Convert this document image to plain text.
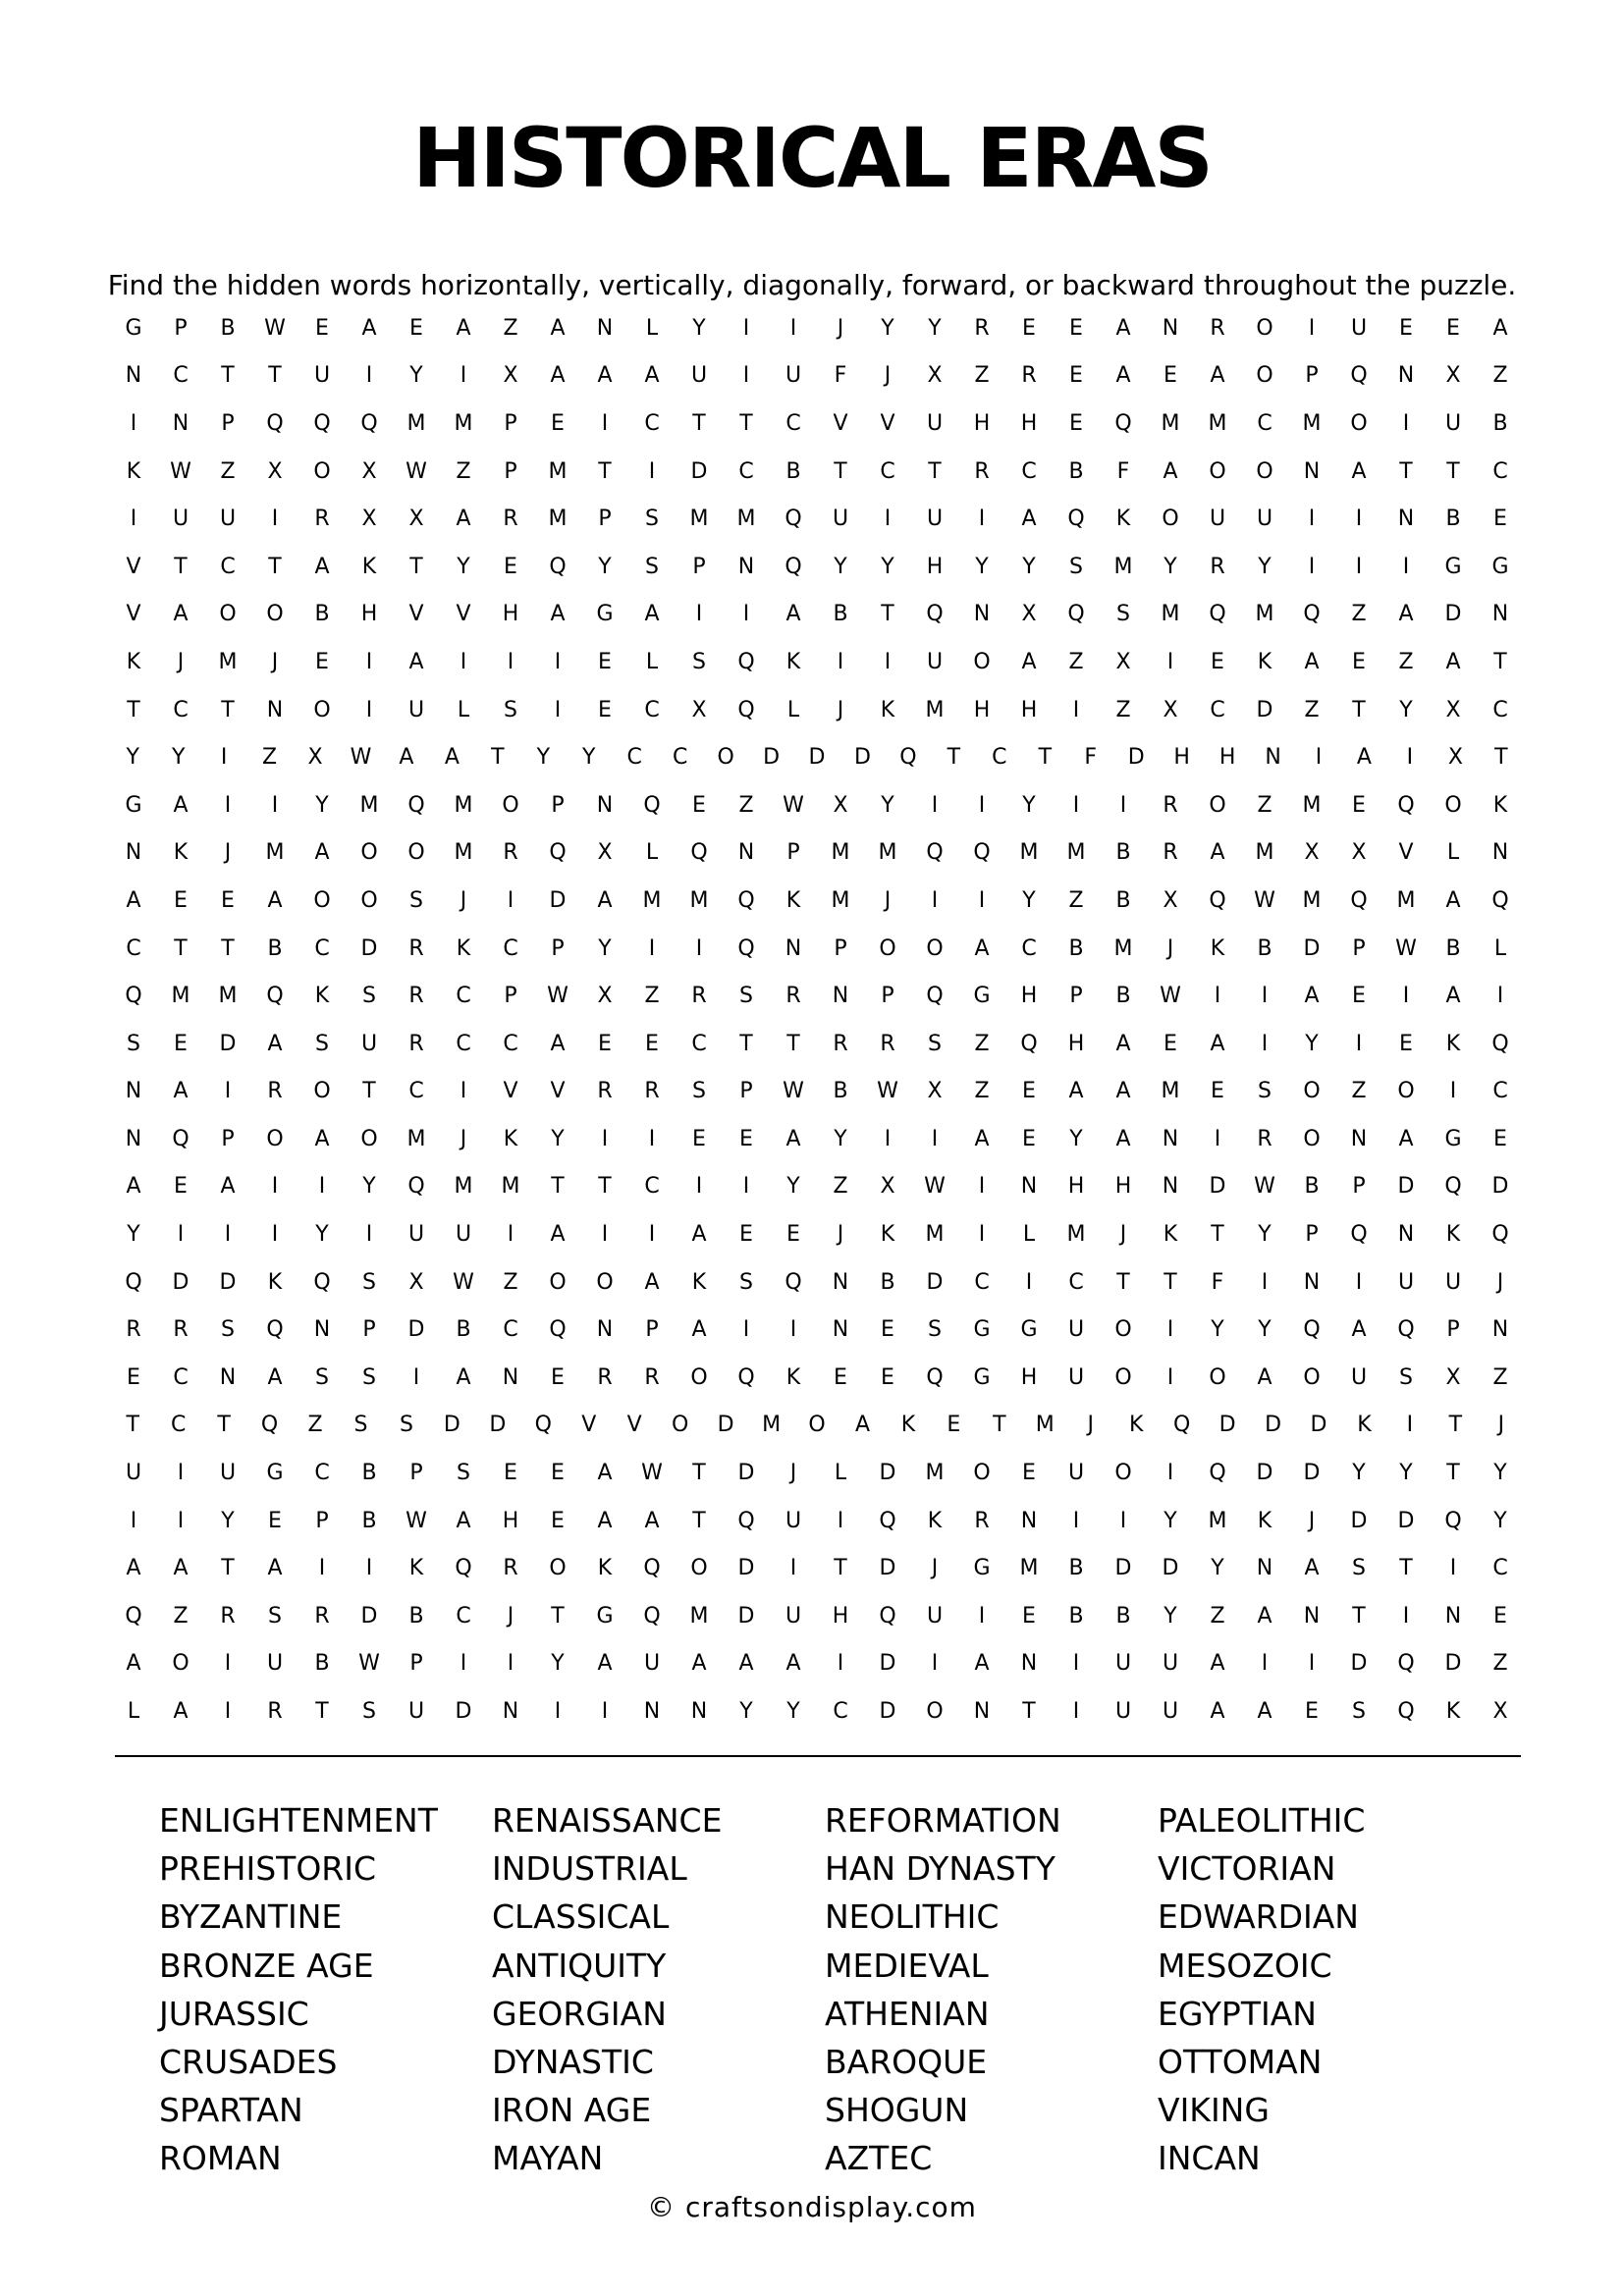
HISTORICAL ERAS
Find the hidden words horizontally, vertically, diagonally, forward, or backward throughout the puzzle.
G	P	B	W	E	A	E	A	Z	A	N	L	Y	I	I	J	Y	Y	R	E	E	A	N	R	O	I	U	E	E	A
N	C	T	T	U	I	Y	I	X	A	A	A	U	I	U	F	J	X	Z	R	E	A	E	A	O	P	Q	N	X	Z
I	N	P	Q	Q	Q	M	M	P	E	I	C	T	T	C	V	V	U	H	H	E	Q	M	M	C	M	O	I	U	B
K	W	Z	X	O	X	W	Z	P	M	T	I	D	C	B	T	C	T	R	C	B	F	A	O	O	N	A	T	T	C
I	U	U	I	R	X	X	A	R	M	P	S	M	M	Q	U	I	U	I	A	Q	K	O	U	U	I	I	N	B	E
V	T	C	T	A	K	T	Y	E	Q	Y	S	P	N	Q	Y	Y	H	Y	Y	S	M	Y	R	Y	I	I	I	G	G
V	A	O	O	B	H	V	V	H	A	G	A	I	I	A	B	T	Q	N	X	Q	S	M	Q	M	Q	Z	A	D	N
K	J	M	J	E	I	A	I	I	I	E	L	S	Q	K	I	I	U	O	A	Z	X	I	E	K	A	E	Z	A	T
T	C	T	N	O	I	U	L	S	I	E	C	X	Q	L	J	K	M	H	H	I	Z	X	C	D	Z	T	Y	X	C
Y	Y	I	Z	X	W	A	A	T	Y	Y	C	C	O	D	D	D	Q	T	C	T	F	D	H	H	N	I	A	I	X	T
G	A	I	I	Y	M	Q	M	O	P	N	Q	E	Z	W	X	Y	I	I	Y	I	I	R	O	Z	M	E	Q	O	K
N	K	J	M	A	O	O	M	R	Q	X	L	Q	N	P	M	M	Q	Q	M	M	B	R	A	M	X	X	V	L	N
A	E	E	A	O	O	S	J	I	D	A	M	M	Q	K	M	J	I	I	Y	Z	B	X	Q	W	M	Q	M	A	Q
C	T	T	B	C	D	R	K	C	P	Y	I	I	Q	N	P	O	O	A	C	B	M	J	K	B	D	P	W	B	L
Q	M	M	Q	K	S	R	C	P	W	X	Z	R	S	R	N	P	Q	G	H	P	B	W	I	I	A	E	I	A	I
S	E	D	A	S	U	R	C	C	A	E	E	C	T	T	R	R	S	Z	Q	H	A	E	A	I	Y	I	E	K	Q
N	A	I	R	O	T	C	I	V	V	R	R	S	P	W	B	W	X	Z	E	A	A	M	E	S	O	Z	O	I	C
N	Q	P	O	A	O	M	J	K	Y	I	I	E	E	A	Y	I	I	A	E	Y	A	N	I	R	O	N	A	G	E
A	E	A	I	I	Y	Q	M	M	T	T	C	I	I	Y	Z	X	W	I	N	H	H	N	D	W	B	P	D	Q	D
Y	I	I	I	Y	I	U	U	I	A	I	I	A	E	E	J	K	M	I	L	M	J	K	T	Y	P	Q	N	K	Q
Q	D	D	K	Q	S	X	W	Z	O	O	A	K	S	Q	N	B	D	C	I	C	T	T	F	I	N	I	U	U	J
R	R	S	Q	N	P	D	B	C	Q	N	P	A	I	I	N	E	S	G	G	U	O	I	Y	Y	Q	A	Q	P	N
E	C	N	A	S	S	I	A	N	E	R	R	O	Q	K	E	E	Q	G	H	U	O	I	O	A	O	U	S	X	Z
T	C	T	Q	Z	S	S	D	D	Q	V	V	O	D	M	O	A	K	E	T	M	J	K	Q	D	D	D	K	I	T	J
U	I	U	G	C	B	P	S	E	E	A	W	T	D	J	L	D	M	O	E	U	O	I	Q	D	D	Y	Y	T	Y
I	I	Y	E	P	B	W	A	H	E	A	A	T	Q	U	I	Q	K	R	N	I	I	Y	M	K	J	D	D	Q	Y
A	A	T	A	I	I	K	Q	R	O	K	Q	O	D	I	T	D	J	G	M	B	D	D	Y	N	A	S	T	I	C
Q	Z	R	S	R	D	B	C	J	T	G	Q	M	D	U	H	Q	U	I	E	B	B	Y	Z	A	N	T	I	N	E
A	O	I	U	B	W	P	I	I	Y	A	U	A	A	A	I	D	I	A	N	I	U	U	A	I	I	D	Q	D	Z
L	A	I	R	T	S	U	D	N	I	I	N	N	Y	Y	C	D	O	N	T	I	U	U	A	A	E	S	Q	K	X
ENLIGHTENMENT
PREHISTORIC
BYZANTINE
BRONZE AGE
JURASSIC
CRUSADES
SPARTAN
ROMAN
RENAISSANCE
INDUSTRIAL
CLASSICAL
ANTIQUITY
GEORGIAN
DYNASTIC
IRON AGE
MAYAN
REFORMATION
HAN DYNASTY
NEOLITHIC
MEDIEVAL
ATHENIAN
BAROQUE
SHOGUN
AZTEC
PALEOLITHIC
VICTORIAN
EDWARDIAN
MESOZOIC
EGYPTIAN
OTTOMAN
VIKING
INCAN
© craftsondisplay.com
